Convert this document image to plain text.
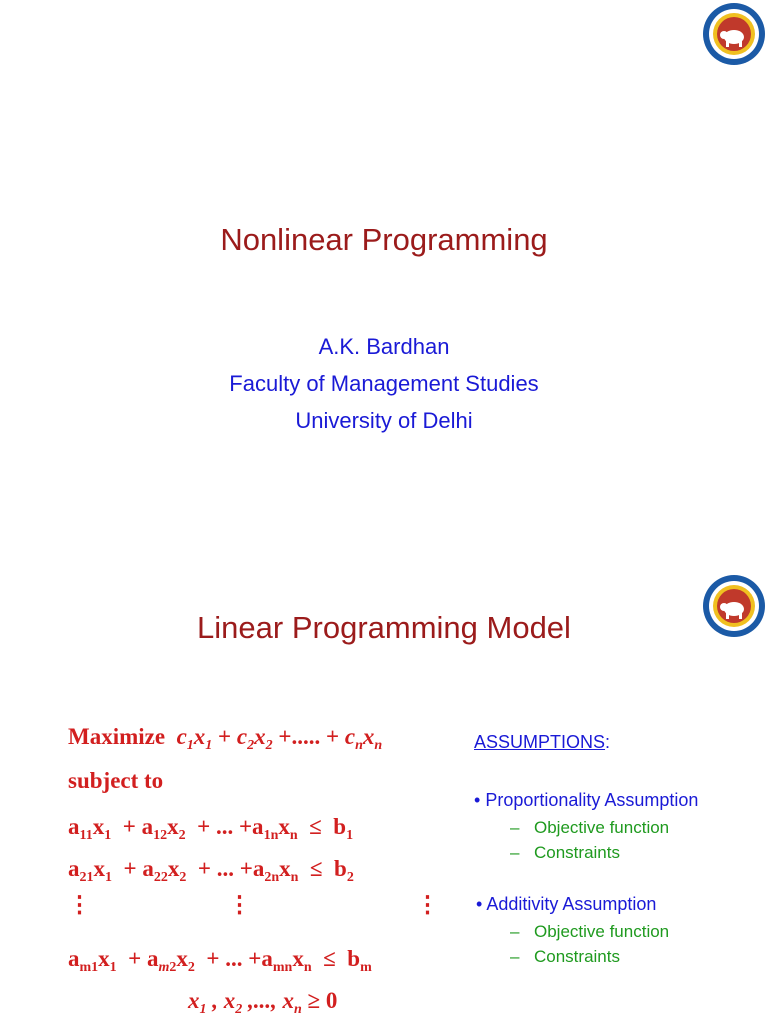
Nonlinear Programming
A.K. Bardhan
Faculty of Management Studies
University of Delhi
Linear Programming Model
Maximize  $c_1x_1 + c_2x_2$ +..... + $c_nx_n$
subject to
$a_{11}x_1 + a_{12}x_2$  + ... $+a_{1n}x_n \le b_1$
$a_{21}x_1 + a_{22}x_2$  + ... $+a_{2n}x_n \le b_2$
⋮	⋮	⋮
$a_{m1}x_1 + a_{m2}x_2$  + ... $+a_{mn}x_n \le b_m$
$x_1$ , $x_2$ ,..., $x_n \ge 0$
ASSUMPTIONS:
• Proportionality Assumption
– Objective function
– Constraints
• Additivity Assumption
– Objective function
– Constraints
